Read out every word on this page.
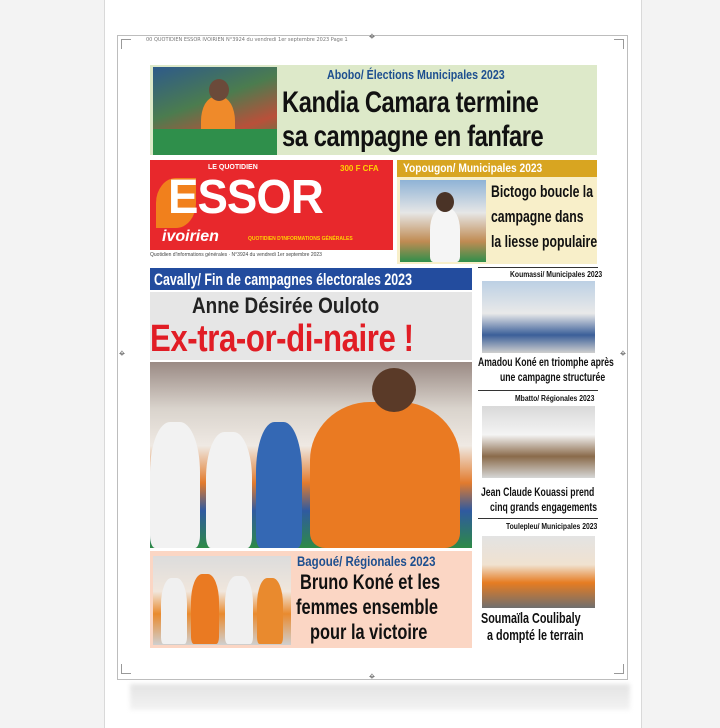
⌖
⌖
⌖	⌖
00 QUOTIDIEN ESSOR IVOIRIEN N°3924 du vendredi 1er septembre 2023 Page 1
Abobo/ Élections Municipales 2023
Kandia Camara termine
sa campagne en fanfare
LE QUOTIDIEN	300 F CFA
ESSOR
ivoirien	QUOTIDIEN D'INFORMATIONS GÉNÉRALES
Quotidien d'informations générales · N°3924 du vendredi 1er septembre 2023
Yopougon/ Municipales 2023
Bictogo boucle la
campagne dans
la liesse populaire
Cavally/ Fin de campagnes électorales 2023
Anne Désirée Ouloto
Ex-tra-or-di-naire !
Koumassi/ Municipales 2023
Amadou Koné en triomphe après
une campagne structurée
Mbatto/ Régionales 2023
Jean Claude Kouassi prend
cinq grands engagements
Toulepleu/ Municipales 2023
Soumaïla Coulibaly
a dompté le terrain
Bagoué/ Régionales 2023
Bruno Koné et les
femmes ensemble
pour la victoire
